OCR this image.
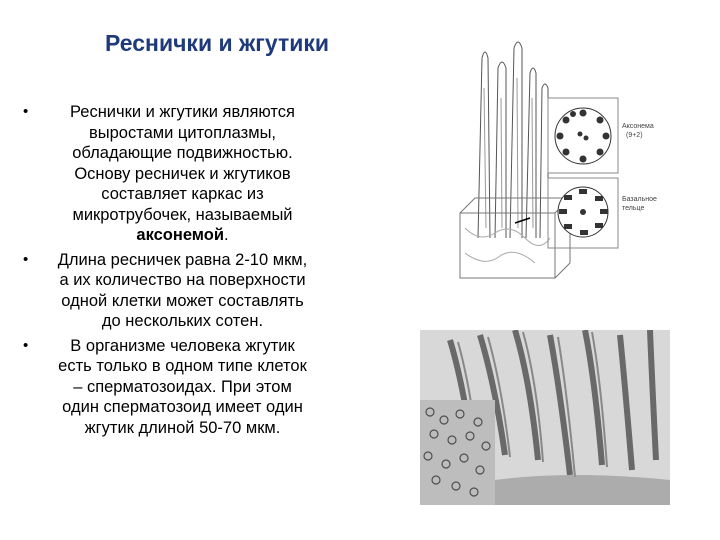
Реснички и жгутики
•	Реснички и жгутики являются
выростами цитоплазмы,
обладающие подвижностью.
Основу ресничек и жгутиков
составляет каркас из
микротрубочек, называемый
аксонемой.
•	Длина ресничек равна 2-10 мкм,
а их количество на поверхности
одной клетки может составлять
до нескольких сотен.
•	В организме человека жгутик
есть только в одном типе клеток
– сперматозоидах. При этом
один сперматозоид имеет один
жгутик длиной 50-70 мкм.
Аксонема
(9+2)
Базальное
тельце
